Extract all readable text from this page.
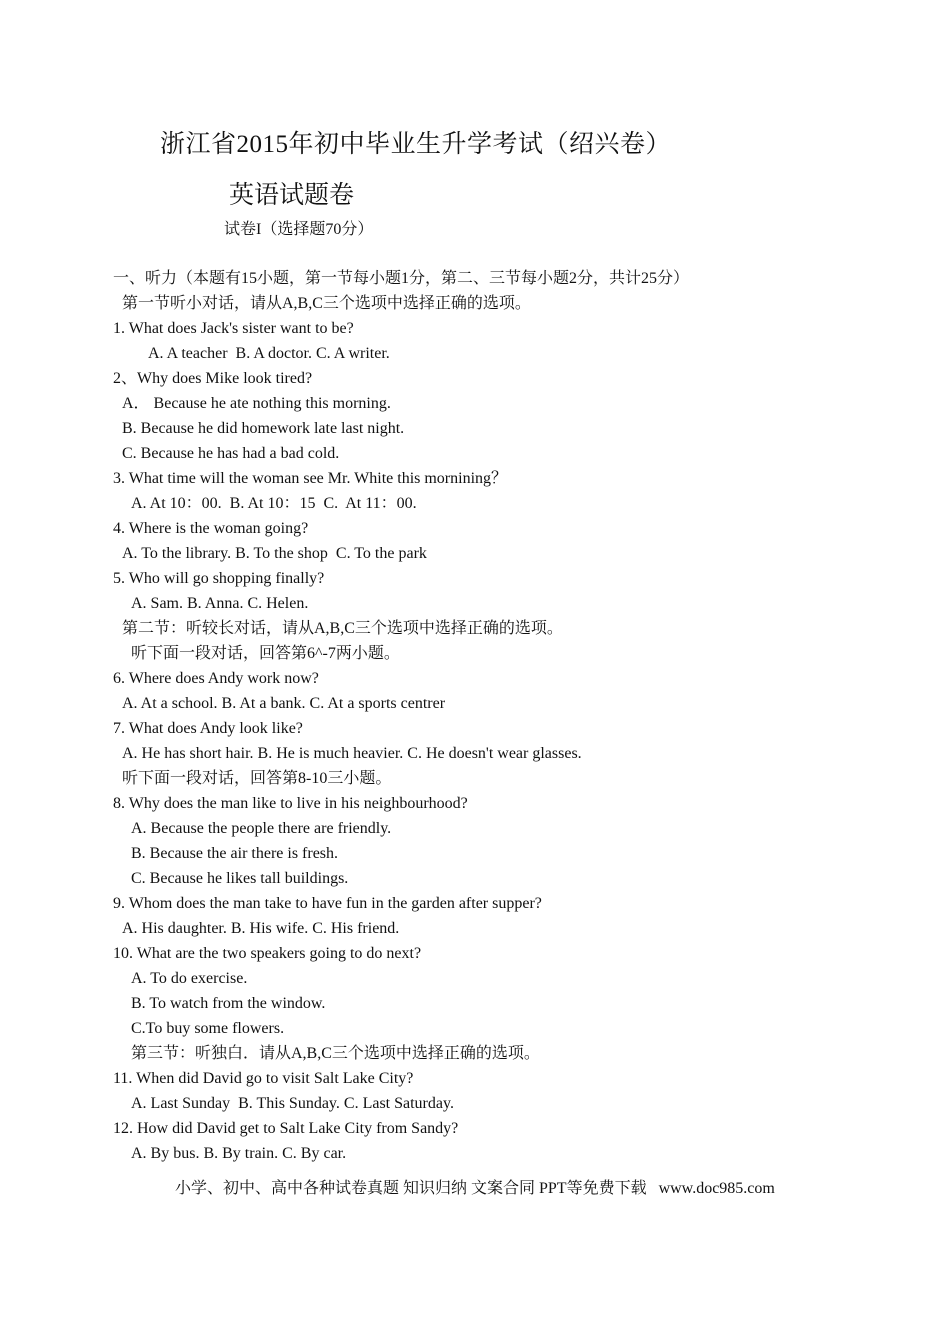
浙江省2015年初中毕业生升学考试（绍兴卷）
英语试题卷
试卷I（选择题70分）
一、听力（本题有15小题，第一节每小题1分，第二、三节每小题2分，共计25分）
第一节听小对话，请从A,B,C三个选项中选择正确的选项。
1. What does Jack's sister want to be?
A. A teacher  B. A doctor. C. A writer.
2、Why does Mike look tired?
A． Because he ate nothing this morning.
B. Because he did homework late last night.
C. Because he has had a bad cold.
3. What time will the woman see Mr. White this mornining？
A. At 10：00.  B. At 10：15  C.  At 11：00.
4. Where is the woman going?
A. To the library. B. To the shop  C. To the park
5. Who will go shopping finally?
A. Sam. B. Anna. C. Helen.
第二节：听较长对话，请从A,B,C三个选项中选择正确的选项。
听下面一段对话，回答第6^-7两小题。
6. Where does Andy work now?
A. At a school. B. At a bank. C. At a sports centrer
7. What does Andy look like?
A. He has short hair. B. He is much heavier. C. He doesn't wear glasses.
听下面一段对话，回答第8-10三小题。
8. Why does the man like to live in his neighbourhood?
A. Because the people there are friendly.
B. Because the air there is fresh.
C. Because he likes tall buildings.
9. Whom does the man take to have fun in the garden after supper?
A. His daughter. B. His wife. C. His friend.
10. What are the two speakers going to do next?
A. To do exercise.
B. To watch from the window.
C.To buy some flowers.
第三节：听独白．请从A,B,C三个选项中选择正确的选项。
11. When did David go to visit Salt Lake City?
A. Last Sunday  B. This Sunday. C. Last Saturday.
12. How did David get to Salt Lake City from Sandy?
A. By bus. B. By train. C. By car.
小学、初中、高中各种试卷真题 知识归纳 文案合同 PPT等免费下载   www.doc985.com
